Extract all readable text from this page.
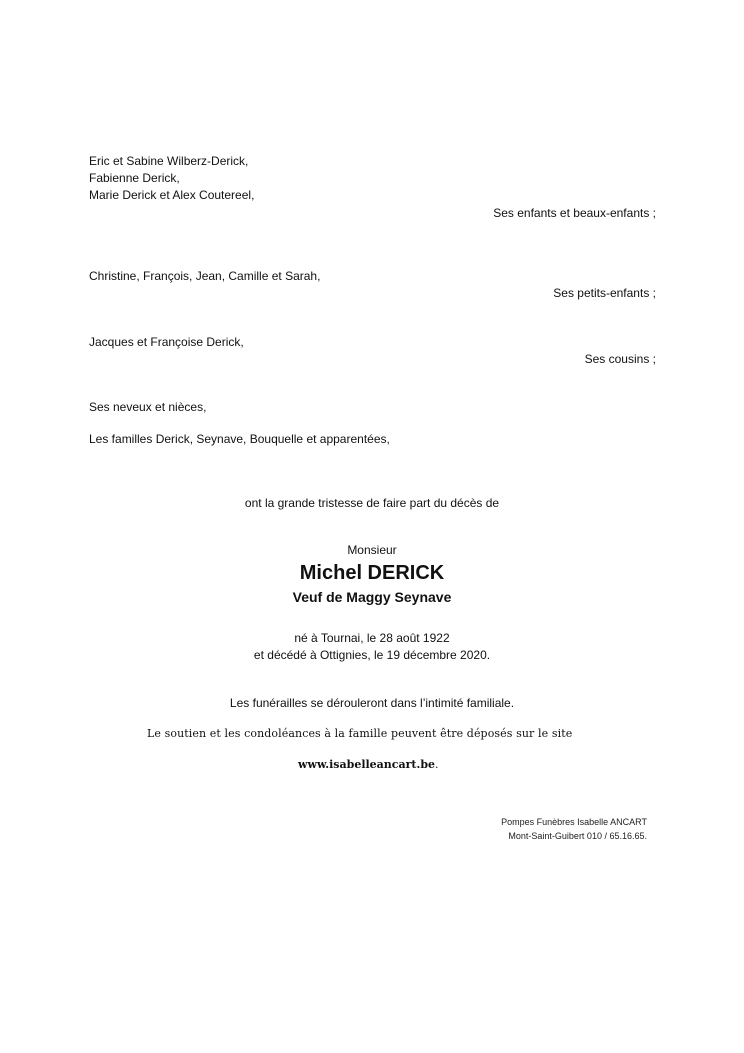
Eric et Sabine Wilberz-Derick,
Fabienne Derick,
Marie Derick et Alex Coutereel,
Ses enfants et beaux-enfants ;
Christine, François, Jean, Camille et Sarah,
Ses petits-enfants ;
Jacques et Françoise Derick,
Ses cousins ;
Ses neveux et nièces,
Les familles Derick, Seynave, Bouquelle et apparentées,
ont la grande tristesse de faire part du décès de
Monsieur
Michel DERICK
Veuf de Maggy Seynave
né à Tournai, le 28 août 1922
et décédé à Ottignies, le 19 décembre 2020.
Les funérailles se dérouleront dans l’intimité familiale.
Le soutien et les condoléances à la famille peuvent être déposés sur le site
www.isabelleancart.be.
Pompes Funèbres Isabelle ANCART
Mont-Saint-Guibert 010 / 65.16.65.
